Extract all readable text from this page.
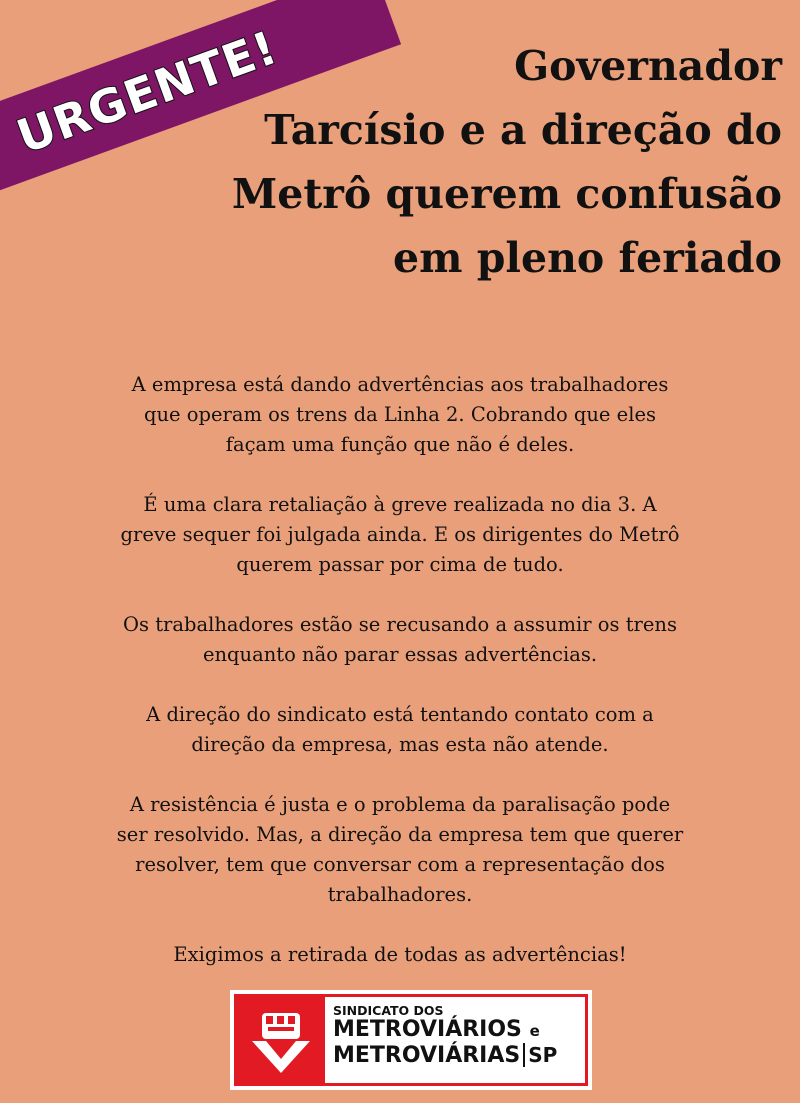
URGENTE!	Governador
Tarcísio e a direção do
Metrô querem confusão
em pleno feriado

A empresa está dando advertências aos trabalhadores
que operam os trens da Linha 2. Cobrando que eles
façam uma função que não é deles.

É uma clara retaliação à greve realizada no dia 3. A
greve sequer foi julgada ainda. E os dirigentes do Metrô
querem passar por cima de tudo.

Os trabalhadores estão se recusando a assumir os trens
enquanto não parar essas advertências.

A direção do sindicato está tentando contato com a
direção da empresa, mas esta não atende.

A resistência é justa e o problema da paralisação pode
ser resolvido. Mas, a direção da empresa tem que querer
resolver, tem que conversar com a representação dos
trabalhadores.

Exigimos a retirada de todas as advertências!

SINDICATO DOS
METROVIÁRIOS e
METROVIÁRIAS SP
